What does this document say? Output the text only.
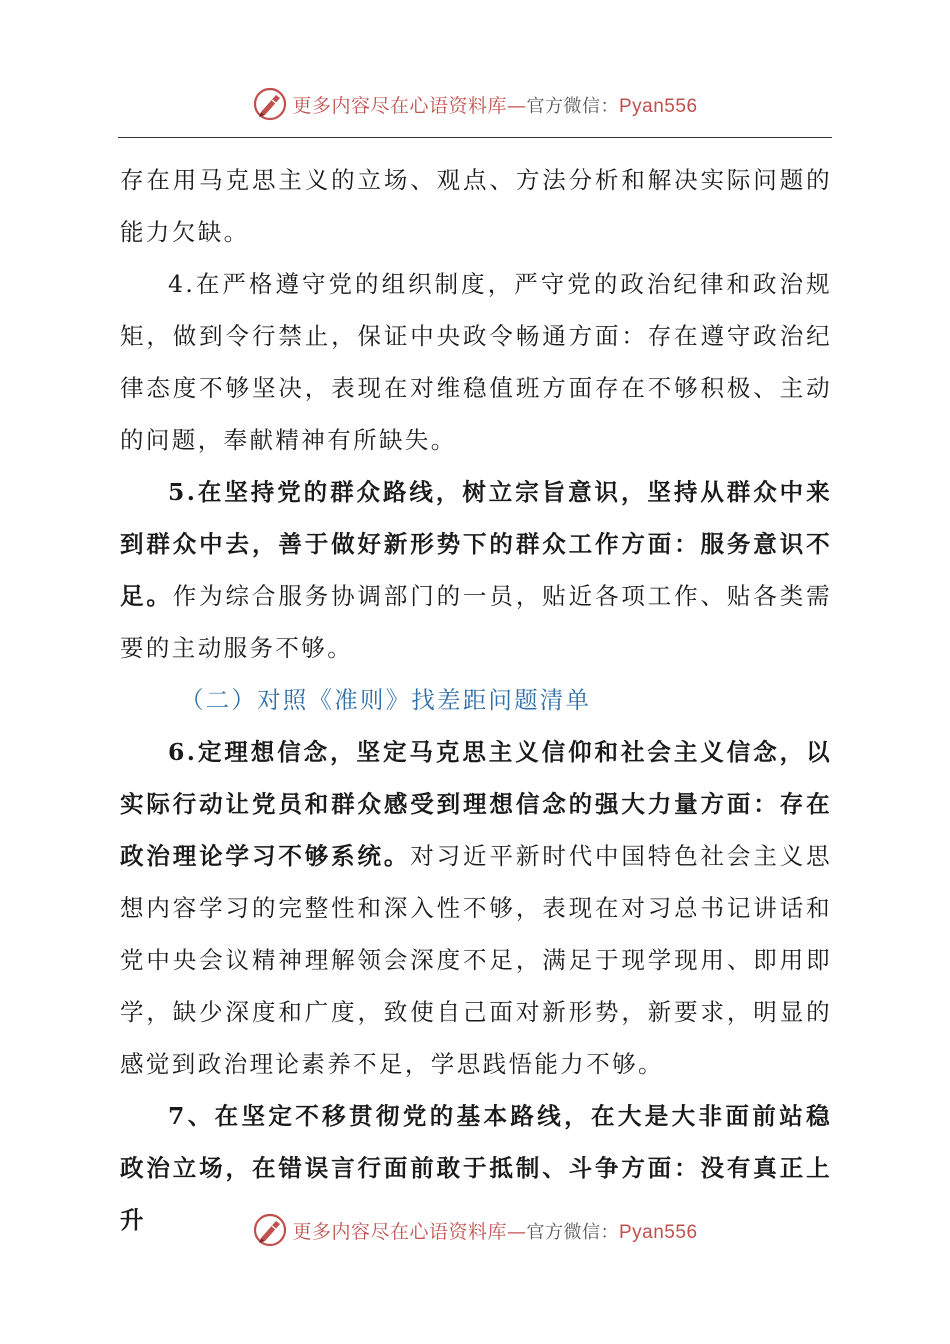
更多内容尽在心语资料库—官方微信：Pyan556

存在用马克思主义的立场、观点、方法分析和解决实际问题的能力欠缺。

4.在严格遵守党的组织制度，严守党的政治纪律和政治规矩，做到令行禁止，保证中央政令畅通方面：存在遵守政治纪律态度不够坚决，表现在对维稳值班方面存在不够积极、主动的问题，奉献精神有所缺失。

5.在坚持党的群众路线，树立宗旨意识，坚持从群众中来到群众中去，善于做好新形势下的群众工作方面：服务意识不足。作为综合服务协调部门的一员，贴近各项工作、贴各类需要的主动服务不够。

（二）对照《准则》找差距问题清单

6.定理想信念，坚定马克思主义信仰和社会主义信念，以实际行动让党员和群众感受到理想信念的强大力量方面：存在政治理论学习不够系统。对习近平新时代中国特色社会主义思想内容学习的完整性和深入性不够，表现在对习总书记讲话和党中央会议精神理解领会深度不足，满足于现学现用、即用即学，缺少深度和广度，致使自己面对新形势，新要求，明显的感觉到政治理论素养不足，学思践悟能力不够。

7、在坚定不移贯彻党的基本路线，在大是大非面前站稳政治立场，在错误言行面前敢于抵制、斗争方面：没有真正上升	更多内容尽在心语资料库—官方微信：Pyan556
